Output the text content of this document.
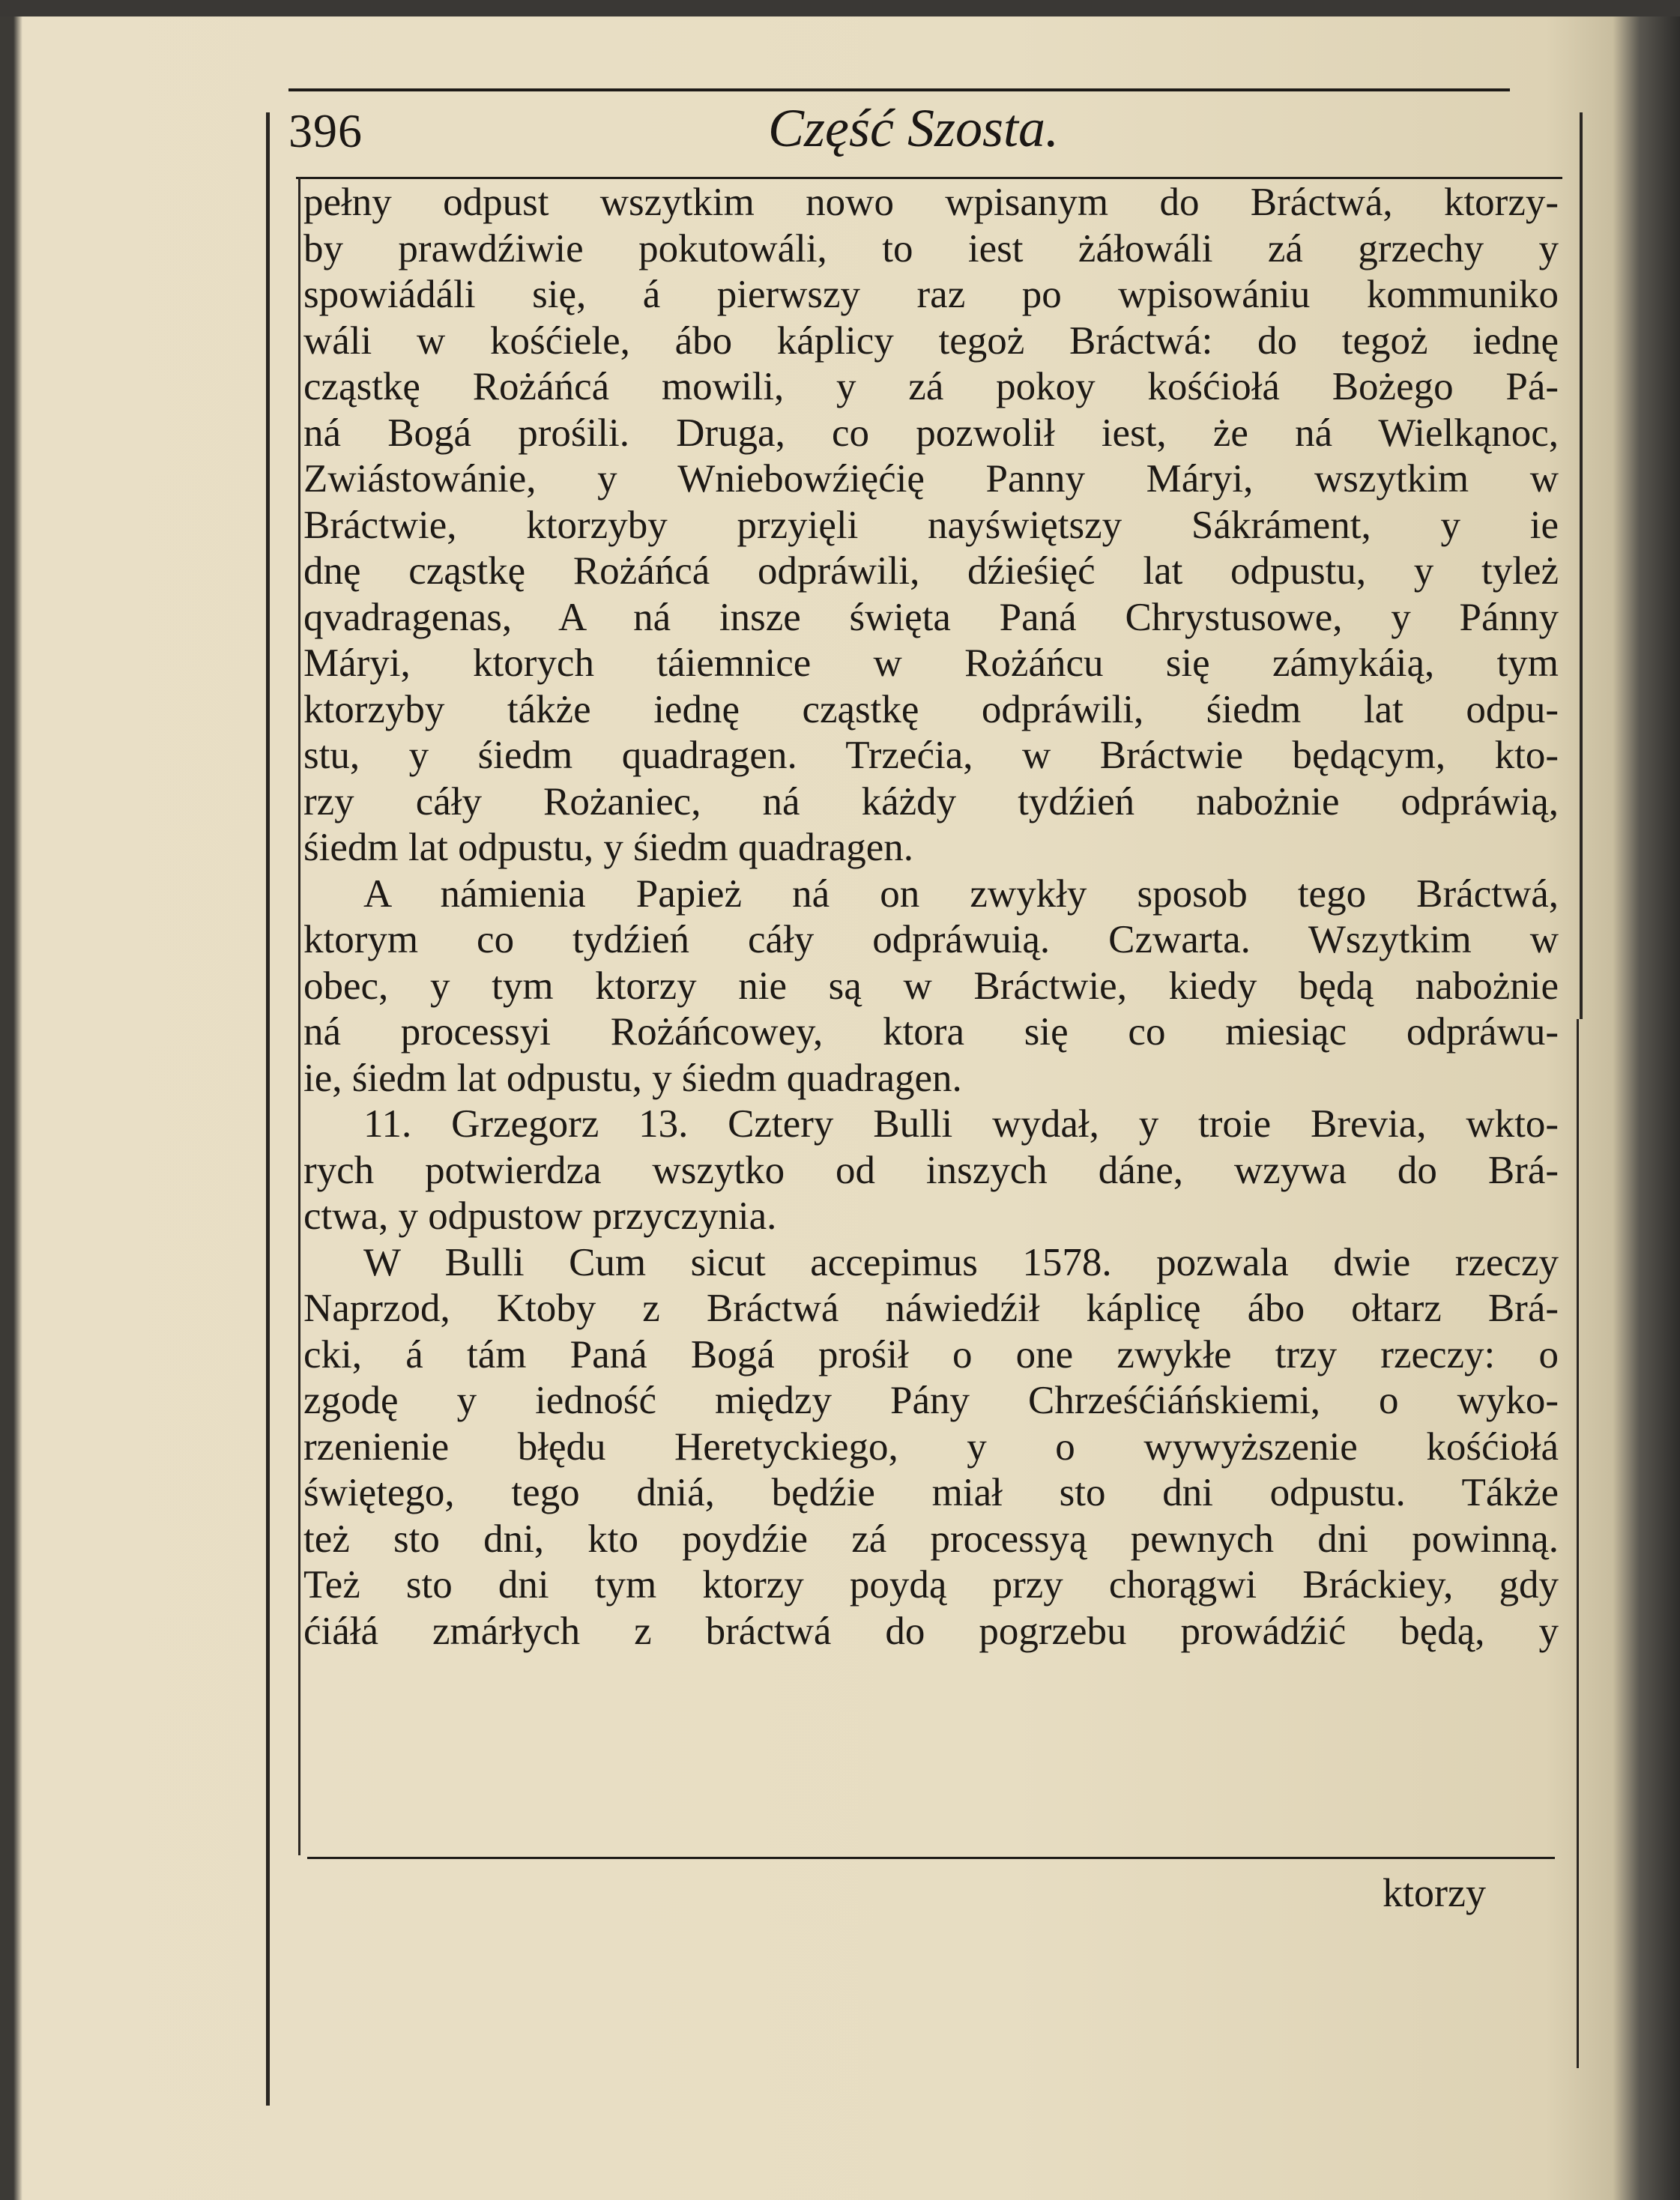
396	Część Szosta.
pełny odpust wszytkim nowo wpisanym do Bráctwá, ktorzy-
by prawdźiwie pokutowáli, to iest żáłowáli zá grzechy y
spowiádáli się, á pierwszy raz po wpisowániu kommuniko
wáli w kośćiele, ábo káplicy tegoż Bráctwá: do tegoż iednę
cząstkę Rożáńcá mowili, y zá pokoy kośćiołá Bożego Pá-
ná Bogá prośili. Druga, co pozwolił iest, że ná Wielkąnoc,
Zwiástowánie, y Wniebowźięćię Panny Máryi, wszytkim w
Bráctwie, ktorzyby przyięli nayświętszy Sákráment, y ie
dnę cząstkę Rożáńcá odpráwili, dźieśięć lat odpustu, y tyleż
qvadragenas, A ná insze święta Paná Chrystusowe, y Pánny
Máryi, ktorych táiemnice w Rożáńcu się zámykáią, tym
ktorzyby tákże iednę cząstkę odpráwili, śiedm lat odpu-
stu, y śiedm quadragen. Trzećia, w Bráctwie będącym, kto-
rzy cáły Rożaniec, ná káżdy tydźień nabożnie odpráwią,
śiedm lat odpustu, y śiedm quadragen.
A námienia Papież ná on zwykły sposob tego Bráctwá,
ktorym co tydźień cáły odpráwuią. Czwarta. Wszytkim w
obec, y tym ktorzy nie są w Bráctwie, kiedy będą nabożnie
ná processyi Rożáńcowey, ktora się co miesiąc odpráwu-
ie, śiedm lat odpustu, y śiedm quadragen.
11. Grzegorz 13. Cztery Bulli wydał, y troie Brevia, wkto-
rych potwierdza wszytko od inszych dáne, wzywa do Brá-
ctwa, y odpustow przyczynia.
W Bulli Cum sicut accepimus 1578. pozwala dwie rzeczy
Naprzod, Ktoby z Bráctwá náwiedźił káplicę ábo ołtarz Brá-
cki, á tám Paná Bogá prośił o one zwykłe trzy rzeczy: o
zgodę y iedność między Pány Chrześćiáńskiemi, o wyko-
rzenienie błędu Heretyckiego, y o wywyższenie kośćiołá
świętego, tego dniá, będźie miał sto dni odpustu. Tákże
też sto dni, kto poydźie zá processyą pewnych dni powinną.
Też sto dni tym ktorzy poydą przy chorągwi Bráckiey, gdy
ćiáłá zmárłych z bráctwá do pogrzebu prowádźić będą, y
ktorzy
